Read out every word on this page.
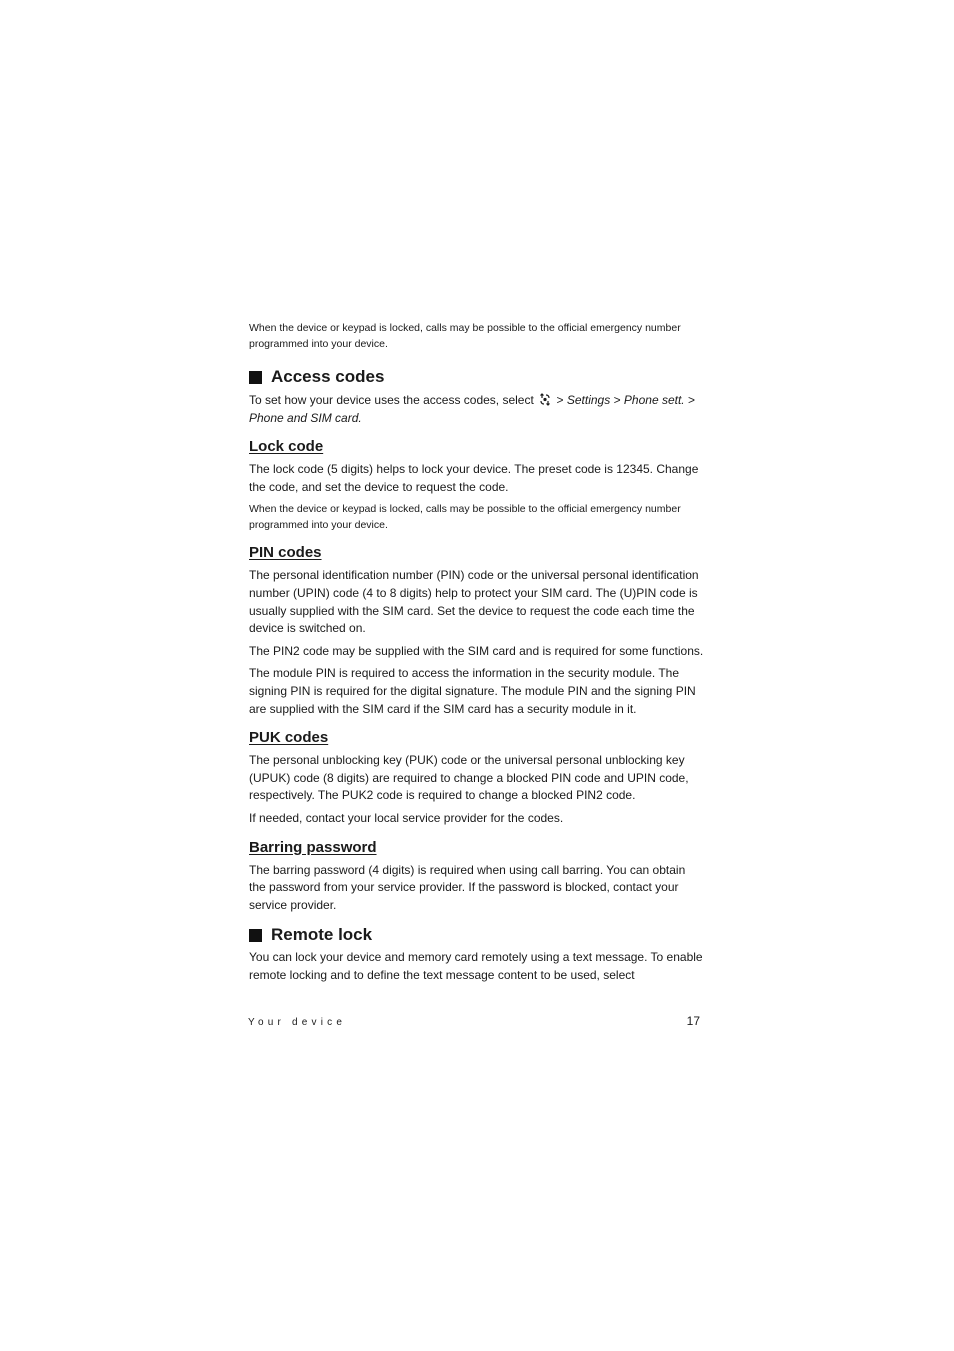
When the device or keypad is locked, calls may be possible to the official emergency number programmed into your device.

Access codes

To set how your device uses the access codes, select > Settings > Phone sett. > Phone and SIM card.

Lock code

The lock code (5 digits) helps to lock your device. The preset code is 12345. Change the code, and set the device to request the code.

When the device or keypad is locked, calls may be possible to the official emergency number programmed into your device.

PIN codes

The personal identification number (PIN) code or the universal personal identification number (UPIN) code (4 to 8 digits) help to protect your SIM card. The (U)PIN code is usually supplied with the SIM card. Set the device to request the code each time the device is switched on.

The PIN2 code may be supplied with the SIM card and is required for some functions.

The module PIN is required to access the information in the security module. The signing PIN is required for the digital signature. The module PIN and the signing PIN are supplied with the SIM card if the SIM card has a security module in it.

PUK codes

The personal unblocking key (PUK) code or the universal personal unblocking key (UPUK) code (8 digits) are required to change a blocked PIN code and UPIN code, respectively. The PUK2 code is required to change a blocked PIN2 code.

If needed, contact your local service provider for the codes.

Barring password

The barring password (4 digits) is required when using call barring. You can obtain the password from your service provider. If the password is blocked, contact your service provider.

Remote lock

You can lock your device and memory card remotely using a text message. To enable remote locking and to define the text message content to be used, select

Your device	17
